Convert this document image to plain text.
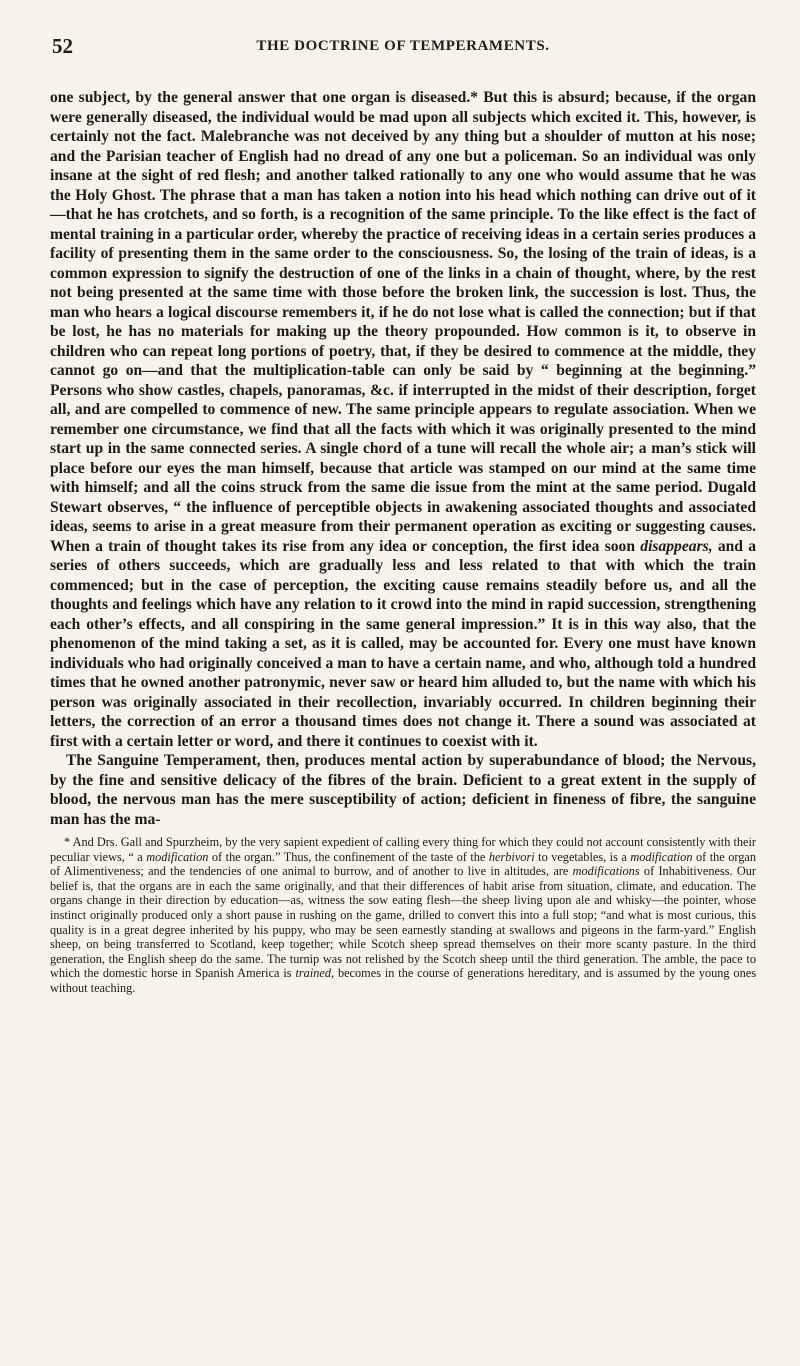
52	THE DOCTRINE OF TEMPERAMENTS.

one subject, by the general answer that one organ is diseased.* But this is absurd; because, if the organ were generally diseased, the individual would be mad upon all subjects which excited it. This, however, is certainly not the fact. Malebranche was not deceived by any thing but a shoulder of mutton at his nose; and the Parisian teacher of English had no dread of any one but a policeman. So an individual was only insane at the sight of red flesh; and another talked rationally to any one who would assume that he was the Holy Ghost. The phrase that a man has taken a notion into his head which nothing can drive out of it—that he has crotchets, and so forth, is a recognition of the same principle. To the like effect is the fact of mental training in a particular order, whereby the practice of receiving ideas in a certain series produces a facility of presenting them in the same order to the consciousness. So, the losing of the train of ideas, is a common expression to signify the destruction of one of the links in a chain of thought, where, by the rest not being presented at the same time with those before the broken link, the succession is lost. Thus, the man who hears a logical discourse remembers it, if he do not lose what is called the connection; but if that be lost, he has no materials for making up the theory propounded. How common is it, to observe in children who can repeat long portions of poetry, that, if they be desired to commence at the middle, they cannot go on—and that the multiplication-table can only be said by “ beginning at the beginning.” Persons who show castles, chapels, panoramas, &c. if interrupted in the midst of their description, forget all, and are compelled to commence of new. The same principle appears to regulate association. When we remember one circumstance, we find that all the facts with which it was originally presented to the mind start up in the same connected series. A single chord of a tune will recall the whole air; a man’s stick will place before our eyes the man himself, because that article was stamped on our mind at the same time with himself; and all the coins struck from the same die issue from the mint at the same period. Dugald Stewart observes, “ the influence of perceptible objects in awakening associated thoughts and associated ideas, seems to arise in a great measure from their permanent operation as exciting or suggesting causes. When a train of thought takes its rise from any idea or conception, the first idea soon disappears, and a series of others succeeds, which are gradually less and less related to that with which the train commenced; but in the case of perception, the exciting cause remains steadily before us, and all the thoughts and feelings which have any relation to it crowd into the mind in rapid succession, strengthening each other’s effects, and all conspiring in the same general impression.” It is in this way also, that the phenomenon of the mind taking a set, as it is called, may be accounted for. Every one must have known individuals who had originally conceived a man to have a certain name, and who, although told a hundred times that he owned another patronymic, never saw or heard him alluded to, but the name with which his person was originally associated in their recollection, invariably occurred. In children beginning their letters, the correction of an error a thousand times does not change it. There a sound was associated at first with a certain letter or word, and there it continues to coexist with it.

The Sanguine Temperament, then, produces mental action by superabundance of blood; the Nervous, by the fine and sensitive delicacy of the fibres of the brain. Deficient to a great extent in the supply of blood, the nervous man has the mere susceptibility of action; deficient in fineness of fibre, the sanguine man has the ma-

* And Drs. Gall and Spurzheim, by the very sapient expedient of calling every thing for which they could not account consistently with their peculiar views, “ a modification of the organ.” Thus, the confinement of the taste of the herbivori to vegetables, is a modification of the organ of Alimentiveness; and the tendencies of one animal to burrow, and of another to live in altitudes, are modifications of Inhabitiveness. Our belief is, that the organs are in each the same originally, and that their differences of habit arise from situation, climate, and education. The organs change in their direction by education—as, witness the sow eating flesh—the sheep living upon ale and whisky—the pointer, whose instinct originally produced only a short pause in rushing on the game, drilled to convert this into a full stop; “and what is most curious, this quality is in a great degree inherited by his puppy, who may be seen earnestly standing at swallows and pigeons in the farm-yard.” English sheep, on being transferred to Scotland, keep together; while Scotch sheep spread themselves on their more scanty pasture. In the third generation, the English sheep do the same. The turnip was not relished by the Scotch sheep until the third generation. The amble, the pace to which the domestic horse in Spanish America is trained, becomes in the course of generations hereditary, and is assumed by the young ones without teaching.
